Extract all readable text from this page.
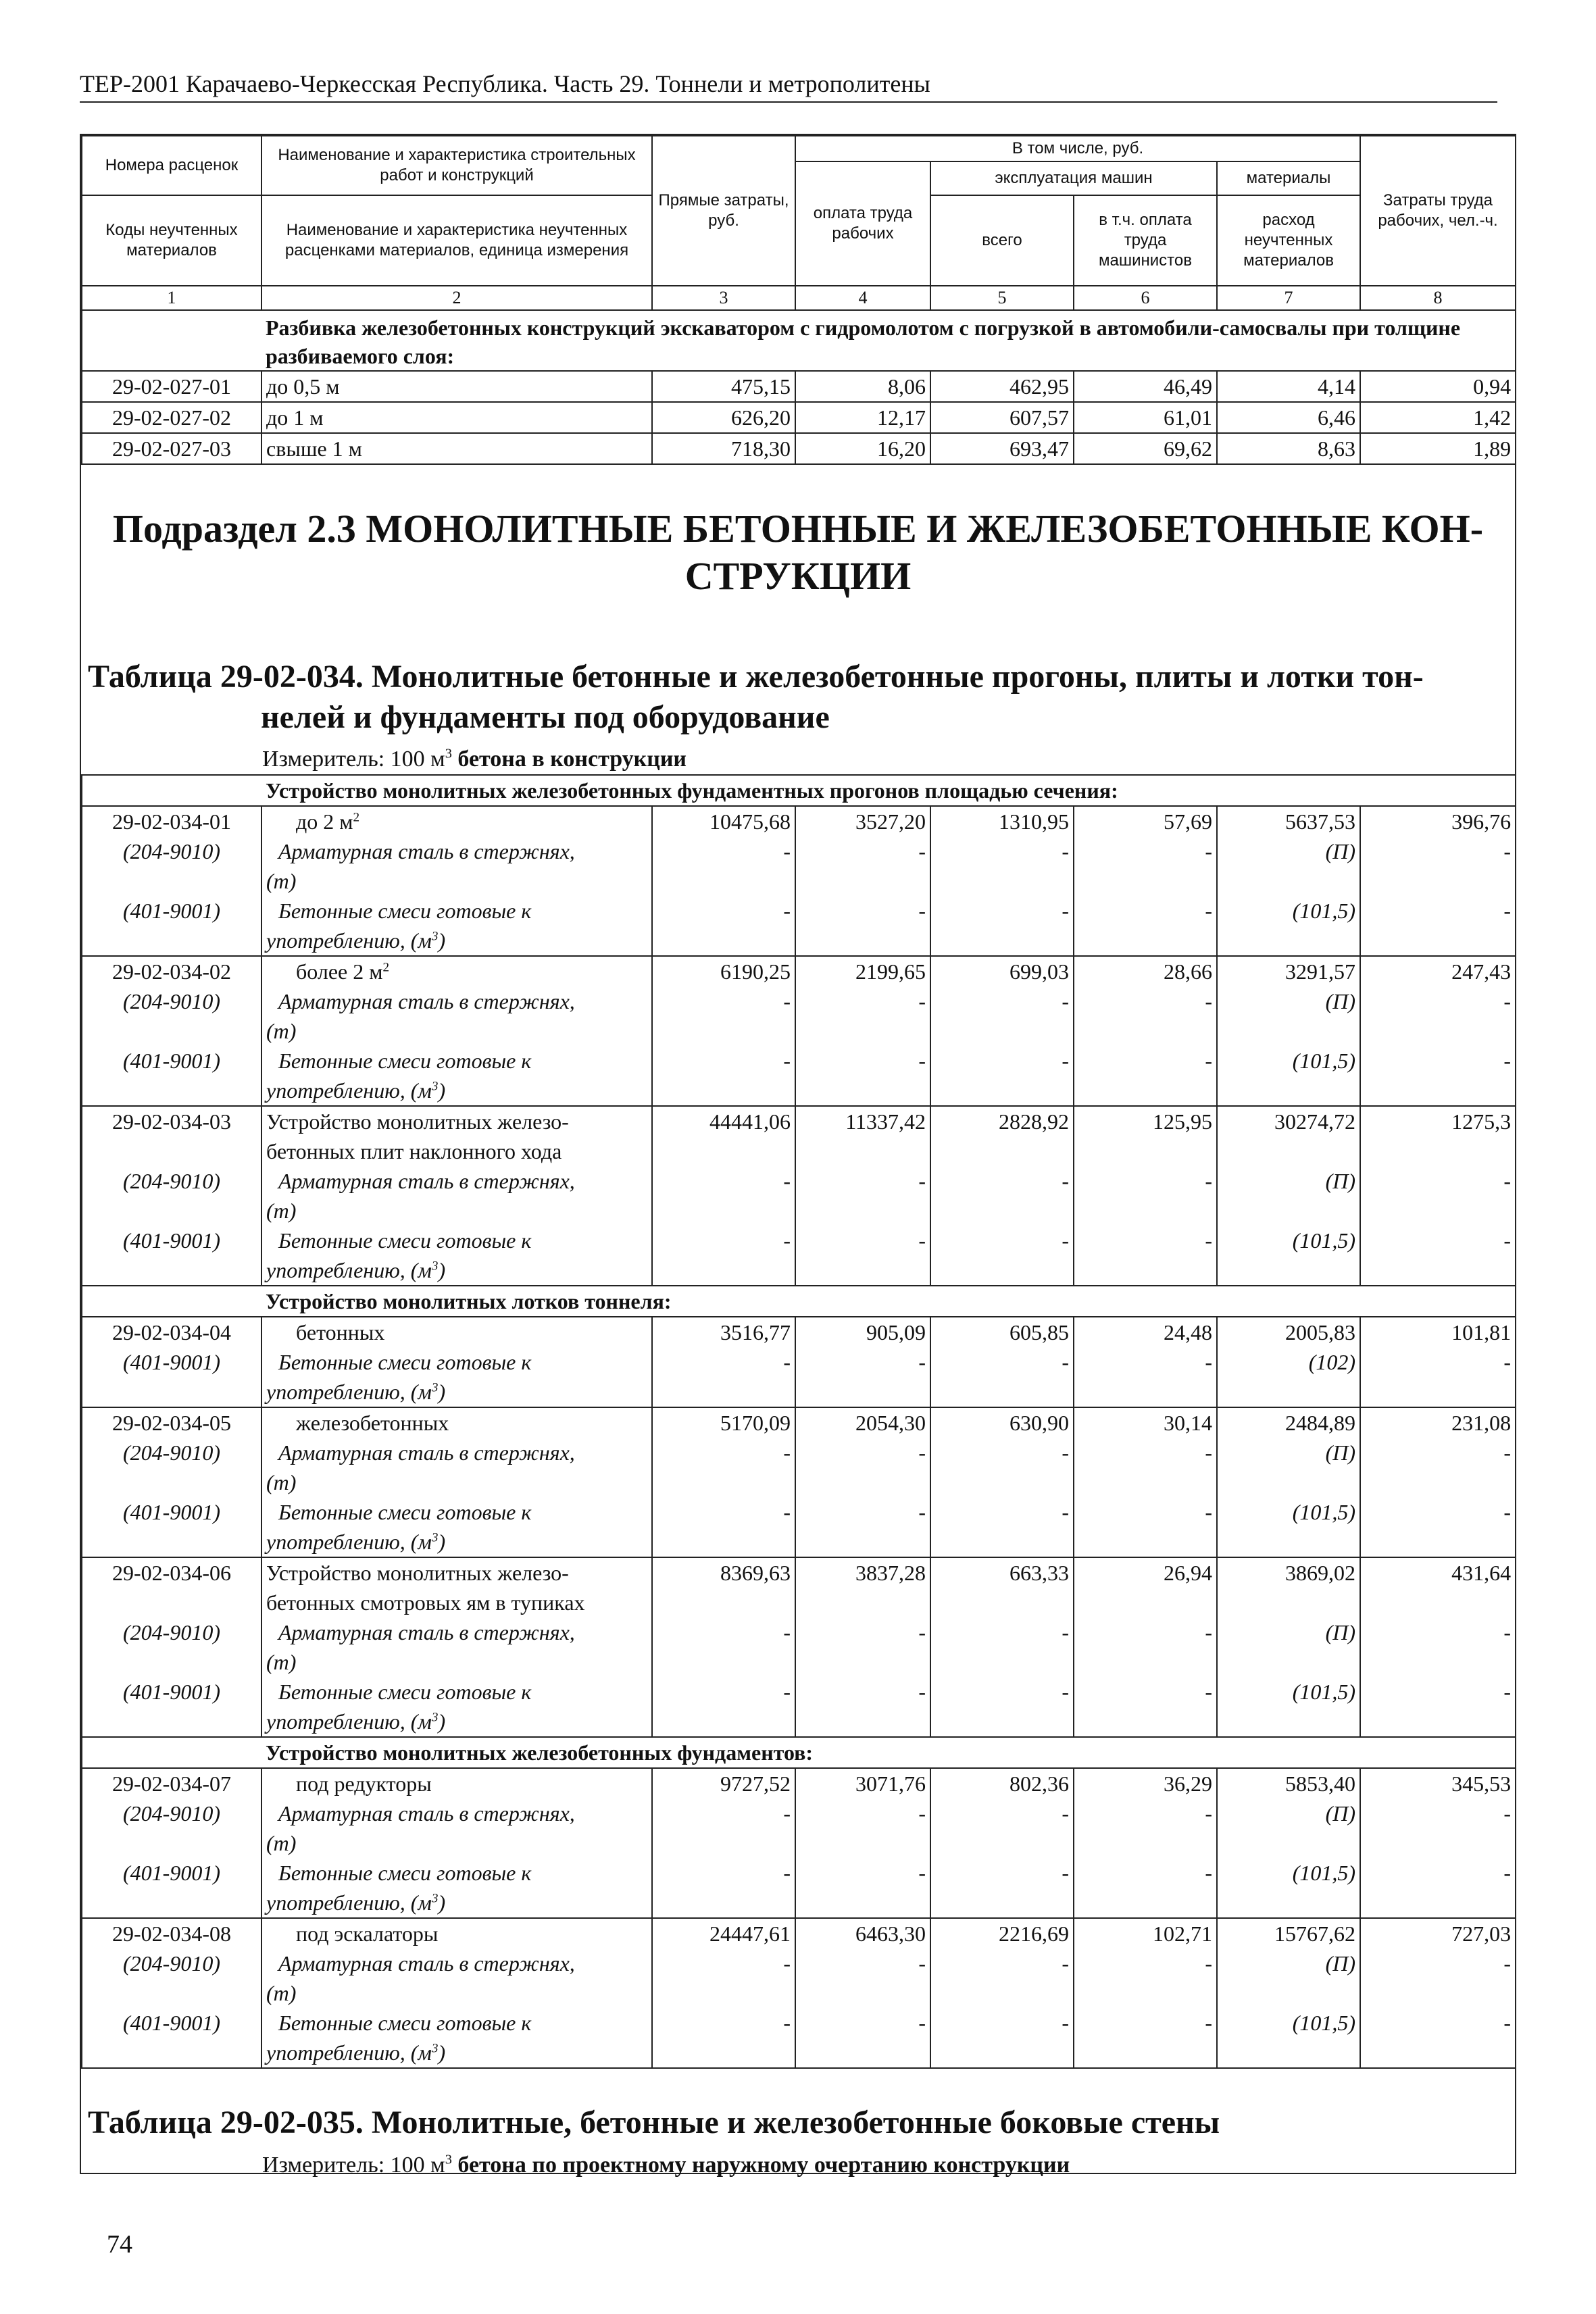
ТЕР-2001 Карачаево-Черкесская Республика. Часть 29. Тоннели и метрополитены
Номера расценок	Наименование и характеристика строительных работ и конструкций	Прямые затраты, руб.	В том числе, руб.				Затраты труда рабочих, чел.-ч.
			оплата труда рабочих	эксплуатация машин		материалы	
Коды неучтенных материалов	Наименование и характеристика неучтенных расценками материалов, единица измерения			всего	в т.ч. оплата труда машинистов	расход неучтенных материалов	
1	2	3	4	5	6	7	8
	Разбивка железобетонных конструкций экскаватором с гидромолотом с погрузкой в автомобили-самосвалы при толщине разбиваемого слоя:						
29-02-027-01	до 0,5 м	475,15	8,06	462,95	46,49	4,14	0,94
29-02-027-02	до 1 м	626,20	12,17	607,57	61,01	6,46	1,42
29-02-027-03	свыше 1 м	718,30	16,20	693,47	69,62	8,63	1,89
Подраздел 2.3 МОНОЛИТНЫЕ БЕТОННЫЕ И ЖЕЛЕЗОБЕТОННЫЕ КОН-
СТРУКЦИИ
Таблица 29-02-034. Монолитные бетонные и железобетонные прогоны, плиты и лотки тон-
нелей и фундаменты под оборудование
Измеритель: 100 $м^3$ бетона в конструкции
	Устройство монолитных железобетонных фундаментных прогонов площадью сечения:						
29-02-034-01	до 2 $м^2$	10475,68	3527,20	1310,95	57,69	5637,53	396,76
(204-9010)	Арматурная сталь в стержнях,
(т)	-	-	-	-	(П)	-
(401-9001)	Бетонные смеси готовые к
употреблению, $(м^3)$	-	-	-	-	(101,5)	-
29-02-034-02	более 2 $м^2$	6190,25	2199,65	699,03	28,66	3291,57	247,43
(204-9010)	Арматурная сталь в стержнях,
(т)	-	-	-	-	(П)	-
(401-9001)	Бетонные смеси готовые к
употреблению, $(м^3)$	-	-	-	-	(101,5)	-
29-02-034-03	Устройство монолитных железо-
бетонных плит наклонного хода	44441,06	11337,42	2828,92	125,95	30274,72	1275,3
(204-9010)	Арматурная сталь в стержнях,
(т)	-	-	-	-	(П)	-
(401-9001)	Бетонные смеси готовые к
употреблению, $(м^3)$	-	-	-	-	(101,5)	-
	Устройство монолитных лотков тоннеля:						
29-02-034-04	бетонных	3516,77	905,09	605,85	24,48	2005,83	101,81
(401-9001)	Бетонные смеси готовые к
употреблению, $(м^3)$	-	-	-	-	(102)	-
29-02-034-05	железобетонных	5170,09	2054,30	630,90	30,14	2484,89	231,08
(204-9010)	Арматурная сталь в стержнях,
(т)	-	-	-	-	(П)	-
(401-9001)	Бетонные смеси готовые к
употреблению, $(м^3)$	-	-	-	-	(101,5)	-
29-02-034-06	Устройство монолитных железо-
бетонных смотровых ям в тупиках	8369,63	3837,28	663,33	26,94	3869,02	431,64
(204-9010)	Арматурная сталь в стержнях,
(т)	-	-	-	-	(П)	-
(401-9001)	Бетонные смеси готовые к
употреблению, $(м^3)$	-	-	-	-	(101,5)	-
	Устройство монолитных железобетонных фундаментов:						
29-02-034-07	под редукторы	9727,52	3071,76	802,36	36,29	5853,40	345,53
(204-9010)	Арматурная сталь в стержнях,
(т)	-	-	-	-	(П)	-
(401-9001)	Бетонные смеси готовые к
употреблению, $(м^3)$	-	-	-	-	(101,5)	-
29-02-034-08	под эскалаторы	24447,61	6463,30	2216,69	102,71	15767,62	727,03
(204-9010)	Арматурная сталь в стержнях,
(т)	-	-	-	-	(П)	-
(401-9001)	Бетонные смеси готовые к
употреблению, $(м^3)$	-	-	-	-	(101,5)	-
Таблица 29-02-035. Монолитные, бетонные и железобетонные боковые стены
Измеритель: 100 $м^3$ бетона по проектному наружному очертанию конструкции
74
